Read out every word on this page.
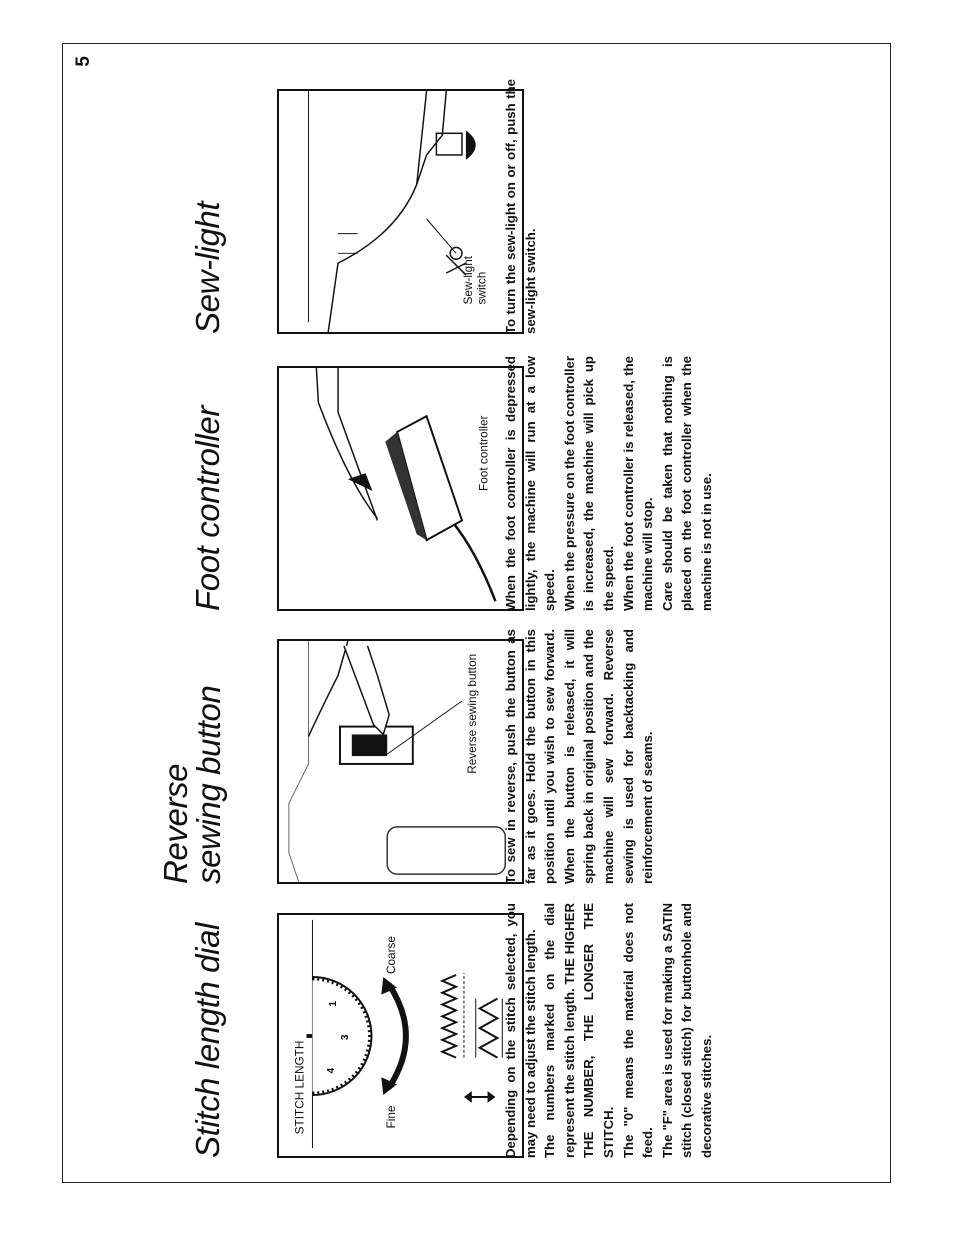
5
Stitch length dial	STITCH LENGTH
3
4
1
Fine
Coarse	Depending on the stitch selected, you may need to adjust the stitch length. The numbers marked on the dial represent the stitch length. THE HIGHER THE NUMBER, THE LONGER THE STITCH. The "0" means the material does not feed. The "F" area is used for making a SATIN stitch (closed stitch) for buttonhole and decorative stitches.

Reverse sewing button	Reverse sewing button To sew in reverse, push the button as far as it goes. Hold the button in this position until you wish to sew forward. When the button is released, it will spring back in original position and the machine will sew forward. Reverse sewing is used for backtacking and reinforcement of seams.

Foot controller	Foot controller When the foot controller is depressed lightly, the machine will run at a low speed. When the pressure on the foot controller is increased, the machine will pick up the speed. When the foot controller is released, the machine will stop. Care should be taken that nothing is placed on the foot controller when the machine is not in use.

Sew-light	Sew-light switch To turn the sew-light on or off, push the sew-light switch.
